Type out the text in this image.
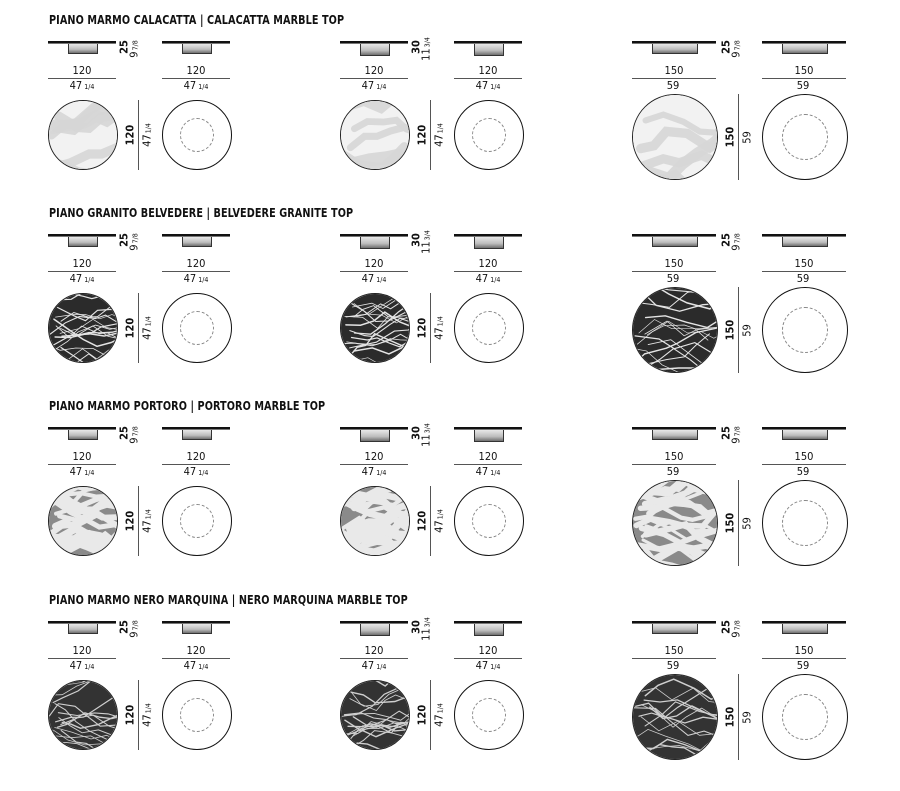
PIANO MARMO CALACATTA | CALACATTA MARBLE TOP
120
47 1/4
120
47 1/4
25
97/8
120 471/4
120
47 1/4
120
47 1/4
30
113/4
120 471/4
150
59
150
59
25
97/8
150 59
PIANO GRANITO BELVEDERE | BELVEDERE GRANITE TOP
120
47 1/4
120
47 1/4
25
97/8
120 471/4
120
47 1/4
120
47 1/4
30
113/4
120 471/4
150
59
150
59
25
97/8
150 59
PIANO MARMO PORTORO | PORTORO MARBLE TOP
120
47 1/4
120
47 1/4
25
97/8
120 471/4
120
47 1/4
120
47 1/4
30
113/4
120 471/4
150
59
150
59
25
97/8
150 59
PIANO MARMO NERO MARQUINA | NERO MARQUINA MARBLE TOP
120
47 1/4
120
47 1/4
25
97/8
120 471/4
120
47 1/4
120
47 1/4
30
113/4
120 471/4
150
59
150
59
25
97/8
150 59
